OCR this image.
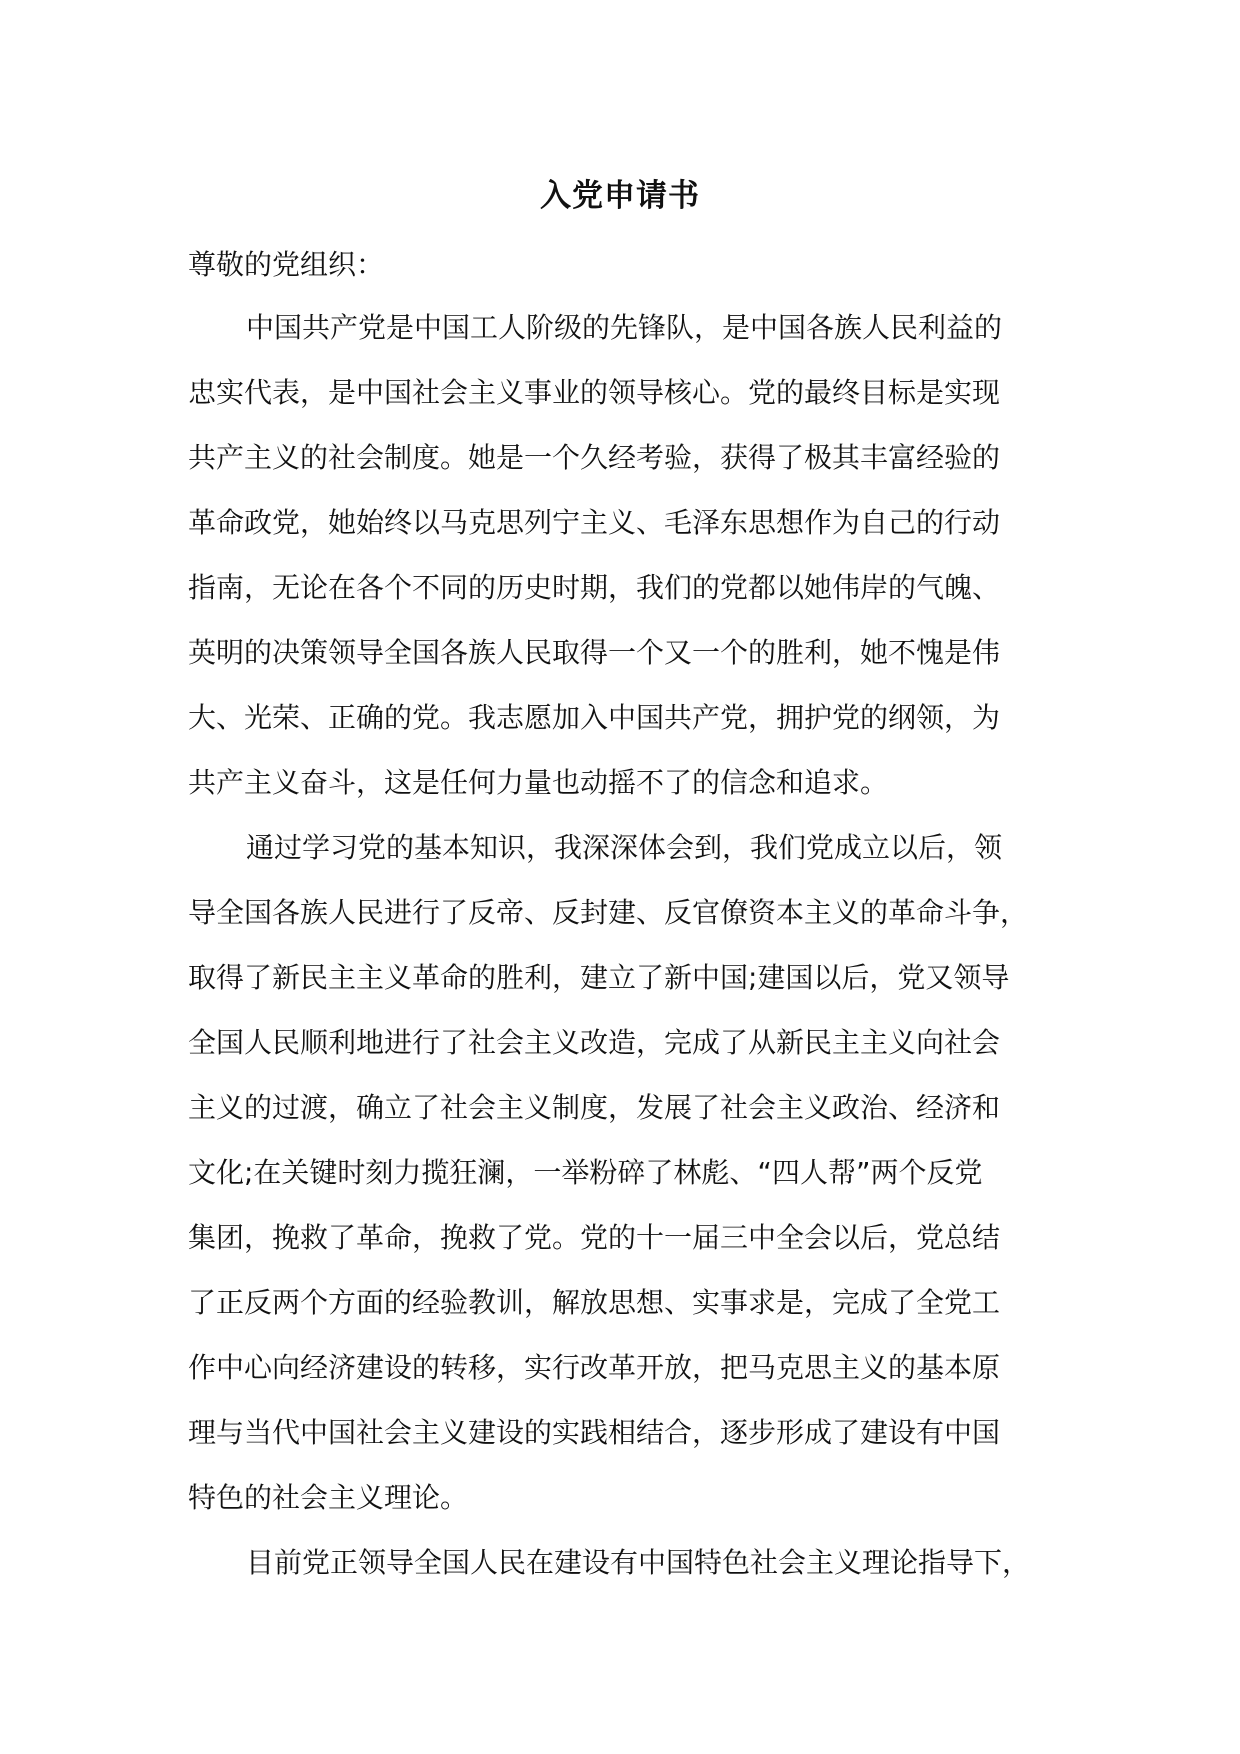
入党申请书
尊敬的党组织：
中国共产党是中国工人阶级的先锋队，是中国各族人民利益的
忠实代表，是中国社会主义事业的领导核心。党的最终目标是实现
共产主义的社会制度。她是一个久经考验，获得了极其丰富经验的
革命政党，她始终以马克思列宁主义、毛泽东思想作为自己的行动
指南，无论在各个不同的历史时期，我们的党都以她伟岸的气魄、
英明的决策领导全国各族人民取得一个又一个的胜利，她不愧是伟
大、光荣、正确的党。我志愿加入中国共产党，拥护党的纲领，为
共产主义奋斗，这是任何力量也动摇不了的信念和追求。
通过学习党的基本知识，我深深体会到，我们党成立以后，领
导全国各族人民进行了反帝、反封建、反官僚资本主义的革命斗争，
取得了新民主主义革命的胜利，建立了新中国;建国以后，党又领导
全国人民顺利地进行了社会主义改造，完成了从新民主主义向社会
主义的过渡，确立了社会主义制度，发展了社会主义政治、经济和
文化;在关键时刻力揽狂澜，一举粉碎了林彪、“四人帮”两个反党
集团，挽救了革命，挽救了党。党的十一届三中全会以后，党总结
了正反两个方面的经验教训，解放思想、实事求是，完成了全党工
作中心向经济建设的转移，实行改革开放，把马克思主义的基本原
理与当代中国社会主义建设的实践相结合，逐步形成了建设有中国
特色的社会主义理论。
目前党正领导全国人民在建设有中国特色社会主义理论指导下，
